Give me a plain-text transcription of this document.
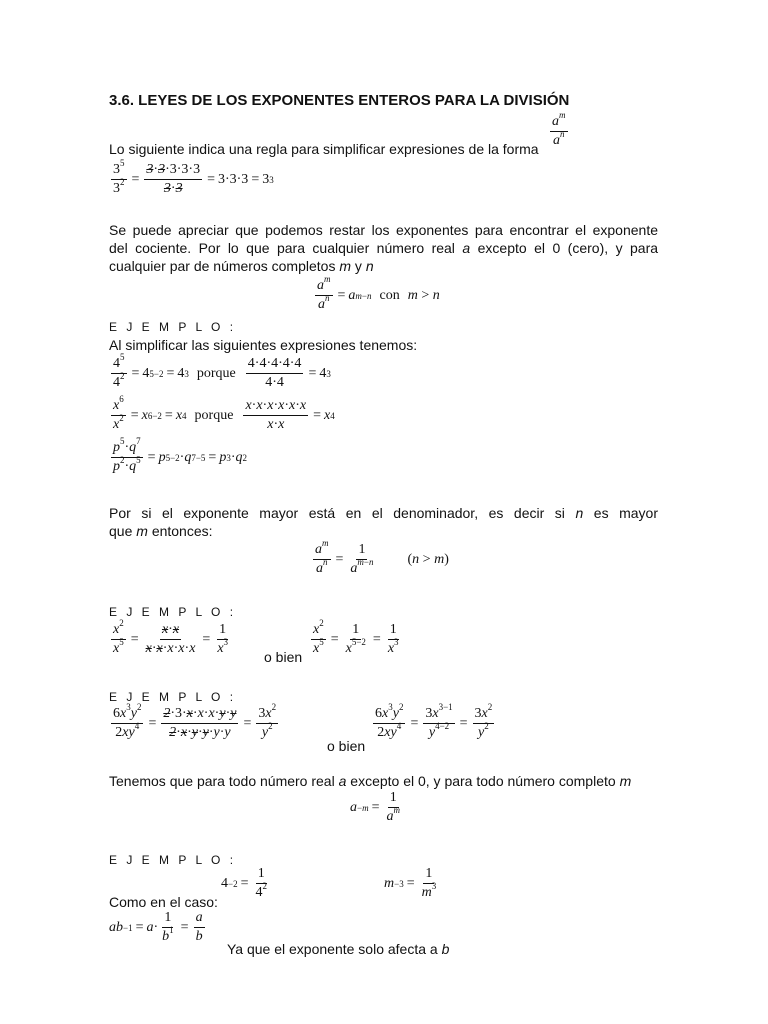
3.6. LEYES DE LOS EXPONENTES ENTEROS PARA LA DIVISIÓN
Lo siguiente indica una regla para simplificar expresiones de la forma $\frac{a^m}{a^n}$
$\frac{3^5}{3^2} = \frac{3\cdot 3\cdot 3\cdot 3\cdot 3}{3\cdot 3} = 3\cdot 3\cdot 3 = 3$ 3
Se puede apreciar que podemos restar los exponentes para encontrar el exponente
del cociente. Por lo que para cualquier número real a excepto el 0 (cero), y para
cualquier par de números completos m y n
$\frac{a^m}{a^n} = a$ m−n con m > n
E J E M P L O :
Al simplificar las siguientes expresiones tenemos:
$\frac{4^5}{4^2} = 4$ 5−2 = 4 3 porque $\frac{4\cdot 4\cdot 4\cdot 4\cdot 4}{4\cdot 4} = 4$ 3
$\frac{x^6}{x^2} = x$ 6−2 = x 4 porque $\frac{x\cdot x\cdot x\cdot x\cdot x\cdot x}{x\cdot x} = x$ 4
$\frac{p^5\cdot q^7}{p^2\cdot q^5} = p$ 5−2 · q 7−5 = p 3 · q 2
Por si el exponente mayor está en el denominador, es decir si n es mayor
que m entonces:
$\frac{a^m}{a^n} = \frac{1}{a^{m-n}} (n > m)$
E J E M P L O :
$\frac{x^2}{x^5} = \frac{x\cdot x}{x\cdot x\cdot x\cdot x\cdot x} = \frac{1}{x^3}$ o bien $\frac{x^2}{x^5} = \frac{1}{x^{5-2}} = \frac{1}{x^3}$
E J E M P L O :
$\frac{6x^3y^2}{2xy^4} = \frac{2\cdot 3\cdot x\cdot x\cdot x\cdot y\cdot y}{2\cdot x\cdot y\cdot y\cdot y\cdot y} = \frac{3x^2}{y^2}$
o bien
$\frac{6x^3y^2}{2xy^4} = \frac{3x^{3-1}}{y^{4-2}} = \frac{3x^2}{y^2}$
Tenemos que para todo número real a excepto el 0, y para todo número completo m
$a -m = \frac{1}{a^m}$
E J E M P L O :
$4 -2 = \frac{1}{4^2}$	$m -3 = \frac{1}{m^3}$
Como en el caso:
ab $-1 = a \cdot \frac{1}{b^1} = \frac{a}{b}$
Ya que el exponente solo afecta a b
